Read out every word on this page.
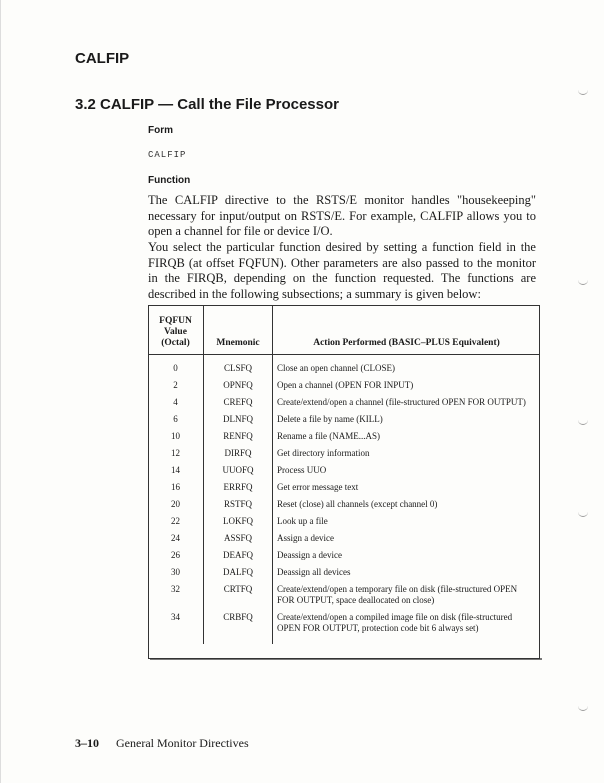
CALFIP
3.2 CALFIP — Call the File Processor
Form
CALFIP
Function

The CALFIP directive to the RSTS/E monitor handles "housekeeping" necessary for input/output on RSTS/E. For example, CALFIP allows you to open a channel for file or device I/O.

You select the particular function desired by setting a function field in the FIRQB (at offset FQFUN). Other parameters are also passed to the monitor in the FIRQB, depending on the function requested. The functions are described in the following subsections; a summary is given below:

FQFUN
Value
(Octal)	Mnemonic	Action Performed (BASIC–PLUS Equivalent)
0	CLSFQ	Close an open channel (CLOSE)
2	OPNFQ	Open a channel (OPEN FOR INPUT)
4	CREFQ	Create/extend/open a channel (file-structured OPEN FOR OUTPUT)
6	DLNFQ	Delete a file by name (KILL)
10	RENFQ	Rename a file (NAME...AS)
12	DIRFQ	Get directory information
14	UUOFQ	Process UUO
16	ERRFQ	Get error message text
20	RSTFQ	Reset (close) all channels (except channel 0)
22	LOKFQ	Look up a file
24	ASSFQ	Assign a device
26	DEAFQ	Deassign a device
30	DALFQ	Deassign all devices
32	CRTFQ	Create/extend/open a temporary file on disk (file-structured OPEN FOR OUTPUT, space deallocated on close)
34	CRBFQ	Create/extend/open a compiled image file on disk (file-structured OPEN FOR OUTPUT, protection code bit 6 always set)
3–10 General Monitor Directives
